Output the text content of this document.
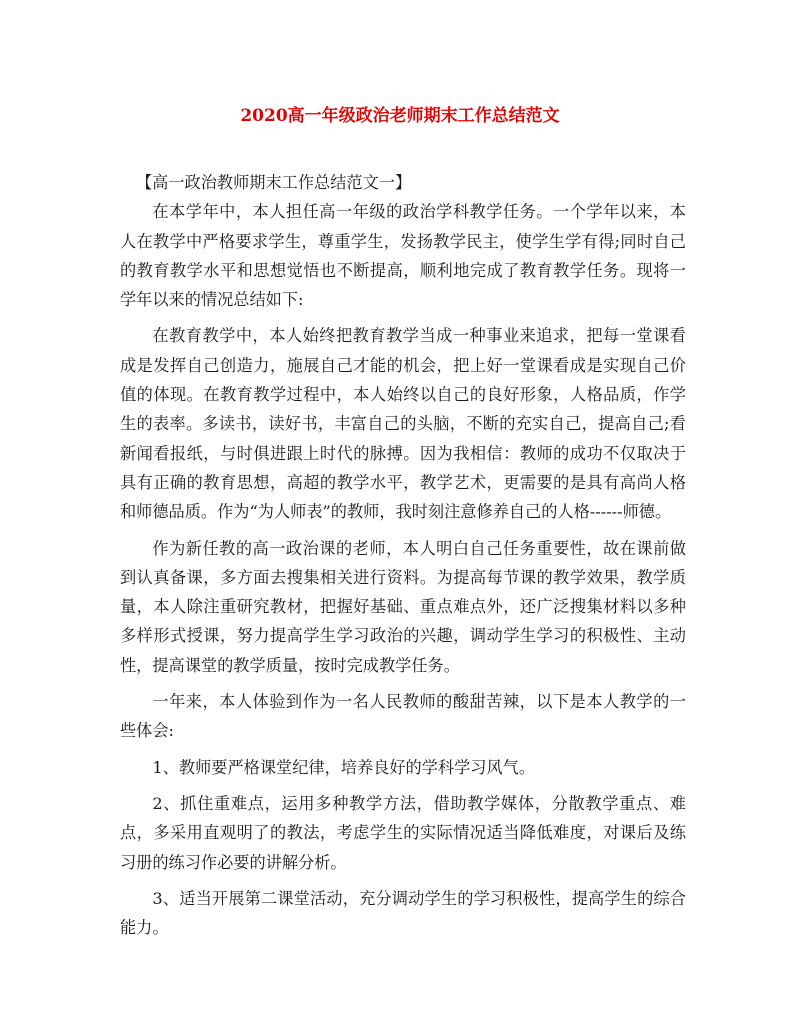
2020高一年级政治老师期末工作总结范文

【高一政治教师期末工作总结范文一】

在本学年中，本人担任高一年级的政治学科教学任务。一个学年以来，本人在教学中严格要求学生，尊重学生，发扬教学民主，使学生学有得;同时自己的教育教学水平和思想觉悟也不断提高，顺利地完成了教育教学任务。现将一学年以来的情况总结如下:

在教育教学中，本人始终把教育教学当成一种事业来追求，把每一堂课看成是发挥自己创造力，施展自己才能的机会，把上好一堂课看成是实现自己价值的体现。在教育教学过程中，本人始终以自己的良好形象，人格品质，作学生的表率。多读书，读好书，丰富自己的头脑，不断的充实自己，提高自己;看新闻看报纸，与时俱进跟上时代的脉搏。因为我相信：教师的成功不仅取决于具有正确的教育思想，高超的教学水平，教学艺术，更需要的是具有高尚人格和师德品质。作为“为人师表”的教师，我时刻注意修养自己的人格------师德。

作为新任教的高一政治课的老师，本人明白自己任务重要性，故在课前做到认真备课，多方面去搜集相关进行资料。为提高每节课的教学效果，教学质量，本人除注重研究教材，把握好基础、重点难点外，还广泛搜集材料以多种多样形式授课，努力提高学生学习政治的兴趣，调动学生学习的积极性、主动性，提高课堂的教学质量，按时完成教学任务。

一年来，本人体验到作为一名人民教师的酸甜苦辣，以下是本人教学的一些体会:

1、教师要严格课堂纪律，培养良好的学科学习风气。

2、抓住重难点，运用多种教学方法，借助教学媒体，分散教学重点、难点，多采用直观明了的教法，考虑学生的实际情况适当降低难度，对课后及练习册的练习作必要的讲解分析。

3、适当开展第二课堂活动，充分调动学生的学习积极性，提高学生的综合能力。
